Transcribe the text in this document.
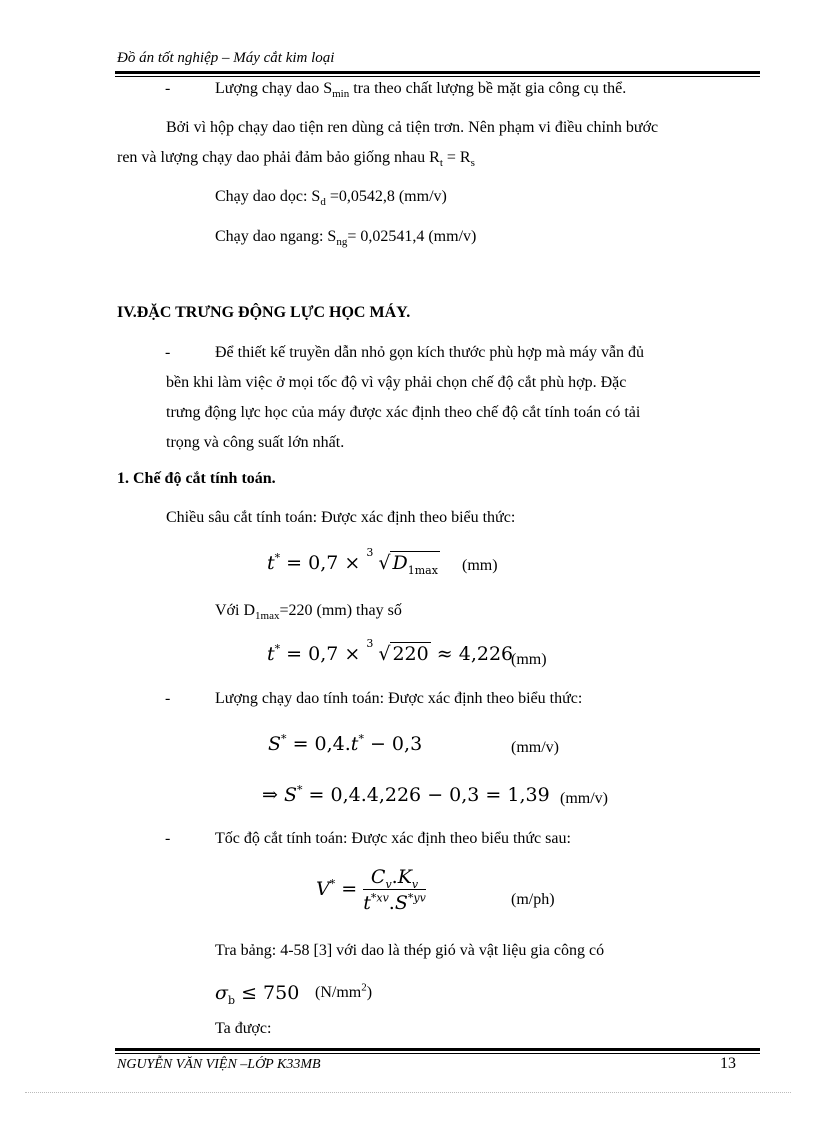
Đồ án tốt nghiệp – Máy cắt kim loại
-	Lượng chạy dao $S_{min}$ tra theo chất lượng bề mặt gia công cụ thể.
Bởi vì hộp chạy dao tiện ren dùng cả tiện trơn. Nên phạm vi điều chỉnh bước
ren và lượng chạy dao phải đảm bảo giống nhau $R_t = R_s$
Chạy dao dọc: $S_d =0,0542,8$ (mm/v)
Chạy dao ngang: $S_{ng}= 0,02541,4$ (mm/v)
IV.ĐẶC TRƯNG ĐỘNG LỰC HỌC MÁY.
-	Để thiết kế truyền dẫn nhỏ gọn kích thước phù hợp mà máy vẫn đủ
bền khi làm việc ở mọi tốc độ vì vậy phải chọn chế độ cắt phù hợp. Đặc
trưng động lực học của máy được xác định theo chế độ cắt tính toán có tải
trọng và công suất lớn nhất.
1. Chế độ cắt tính toán.
Chiều sâu cắt tính toán: Được xác định theo biểu thức:
t* = 0,7 × 3 √ $D_{1max}$ (mm)
Với $D_{1max}=220$ (mm) thay số
t* = 0,7 × 3 √ 220 ≈ 4,226
(mm)
-	Lượng chạy dao tính toán: Được xác định theo biểu thức:
S* = 0,4.t* − 0,3	(mm/v)
⇒ S* = 0,4.4,226 − 0,3 = 1,39 (mm/v)
-	Tốc độ cắt tính toán: Được xác định theo biểu thức sau:
$V^* = \frac{C_v.K_v}{t^{*xv}.S^{*yv}}$	(m/ph)
Tra bảng: 4-58 [3] với dao là thép gió và vật liệu gia công có
$\sigma_b \le 750$ $(N/mm^2)$
Ta được:
NGUYỄN VĂN VIỆN –LỚP K33MB	13
